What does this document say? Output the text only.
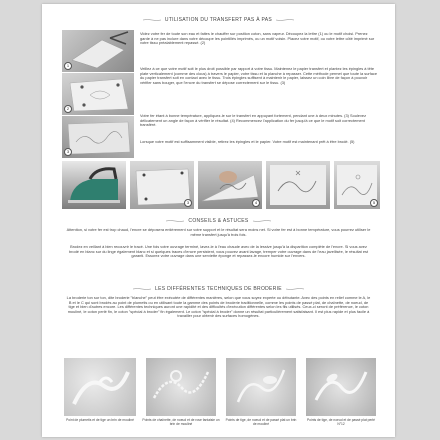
UTILISATION DU TRANSFERT PAS À PAS
1
Videz votre fer de toute son eau et faites le chauffer sur position coton, sans vapeur. Découpez la lettre (1) ou le motif choisi. Prenez garde à ne pas inclure dans votre découpe les pointillés imprimés, ou un motif voisin. Placez votre motif, ou votre lettre côté imprimé sur votre tissu préalablement repassé. (2)
2
Veillez à ce que votre motif soit le plus droit possible par rapport à votre tissu. Maintenez le papier transfert et plantez les épingles à tête plate verticalement (comme des clous) à travers le papier, votre tissu et la planche à repasser. Cette méthode permet que toute la surface du papier transfert soit en contact avec le tissu. Trois épingles suffisent à maintenir le papier, laissez un coin libre de façon à pouvoir vérifier sans bouger, que l'encre du transfert se dépose correctement sur le tissu. (3)
3
Votre fer étant à bonne température, appliquez-le sur le transfert en appuyant fortement, pendant une à deux minutes. (3) Soulevez délicatement un angle de façon à vérifier le résultat. (4) Recommencez l'application du fer jusqu'à ce que le motif soit correctement transféré.
Lorsque votre motif est suffisamment visible, retirez les épingles et le papier. Votre motif est maintenant prêt à être brodé. (5)
3	4	5
CONSEILS & ASTUCES
Attention, si votre fer est trop chaud, l'encre se déposera entièrement sur votre support et le résultat sera moins net. Si votre fer est à bonne température, vous pourrez utiliser le même transfert jusqu'à trois fois.
Brodez en veillant à bien recouvrir le tracé. Une fois votre ouvrage terminé, lavez-le à l'eau chaude avec de la lessive jusqu'à la disparition complète de l'encre. Si vous avez brodé en blanc sur du linge également blanc et si quelques traces d'encre persistent, vous pouvez avant lavage, tremper votre ouvrage dans de l'eau javellisée, le résultat est garanti. Essorez votre ouvrage dans une serviette éponge et repassez-le encore humide sur l'envers.
LES DIFFÉRENTES TECHNIQUES DE BRODERIE
La broderie ton sur ton, dite broderie "blanche" peut être exécutée de différentes manières, selon que vous soyez experte ou débutante. Avec des points en relief comme le A, le B et le C qui sont brodés au point de plumetis ou en utilisant toute la gamme des points de broderie traditionnelle, comme les points de passé plat, de chaînette, de noeud, de tige et bien d'autres encore. Les différentes techniques auront une rapidité et des difficultés d'exécution différentes selon les fils utilisés. Ceux-ci seront de préférence, le coton mouliné, le coton perlé fin, le coton "spécial à broder" fin également. Le coton "spécial à broder" donne un résultat particulièrement satisfaisant. Il est plus rapide et plus facile à travailler pour obtenir des surfaces homogènes.
Point de plumetis et de tige un brin de mouliné	Points de chaînette, de noeud et de rose fantaisie un brin de mouliné
Points de tige, de noeud et de passé plat un brin de mouliné
Points de tige, de noeud et de passé plat perlé N°12
